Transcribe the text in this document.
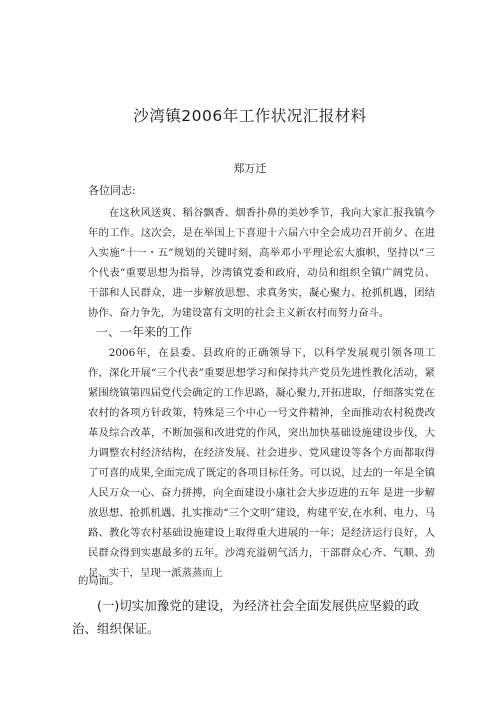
沙湾镇2006年工作状况汇报材料
郑万迁
各位同志:

在这秋风送爽、稻谷飘香、烟香扑鼻的美妙季节，我向大家汇报我镇今年的工作。这次会，是在举国上下喜迎十六届六中全会成功召开前夕、在进入实施“十一・五”规划的关键时刻，高举邓小平理论宏大旗帜，坚持以“三个代表”重要思想为指导，沙湾镇党委和政府，动员和组织全镇广阔党员、干部和人民群众，进一步解放思想、求真务实，凝心聚力、抢抓机遇，团结协作、奋力争先，为建设富有文明的社会主义新农村而努力奋斗。

一、一年来的工作

2006年，在县委、县政府的正确领导下，以科学发展观引领各项工作，深化开展“三个代表”重要思想学习和保持共产党员先进性教化活动，紧紧围绕镇第四届党代会确定的工作思路，凝心聚力,开拓进取，仔细落实党在农村的各项方针政策，特殊是三个中心一号文件精神，全面推动农村税费改革及综合改革，不断加强和改进党的作风，突出加快基础设施建设步伐，大力调整农村经济结构，在经济发展、社会进步、党风建设等各个方面都取得了可喜的成果,全面完成了既定的各项目标任务。可以说，过去的一年是全镇人民万众一心、奋力拼搏，向全面建设小康社会大步迈进的五年 是进一步解放思想、抢抓机遇、扎实推动“三个文明”建设，构建平安,在水利、电力、马路、教化等农村基础设施建设上取得重大进展的一年；是经济运行良好，人民群众得到实惠最多的五年。沙湾充溢朝气活力，干部群众心齐、气顺、劲足、实干，呈现一派蒸蒸而上

的局面。

(一)切实加豫党的建设，为经济社会全面发展供应坚毅的政治、组织保证。
